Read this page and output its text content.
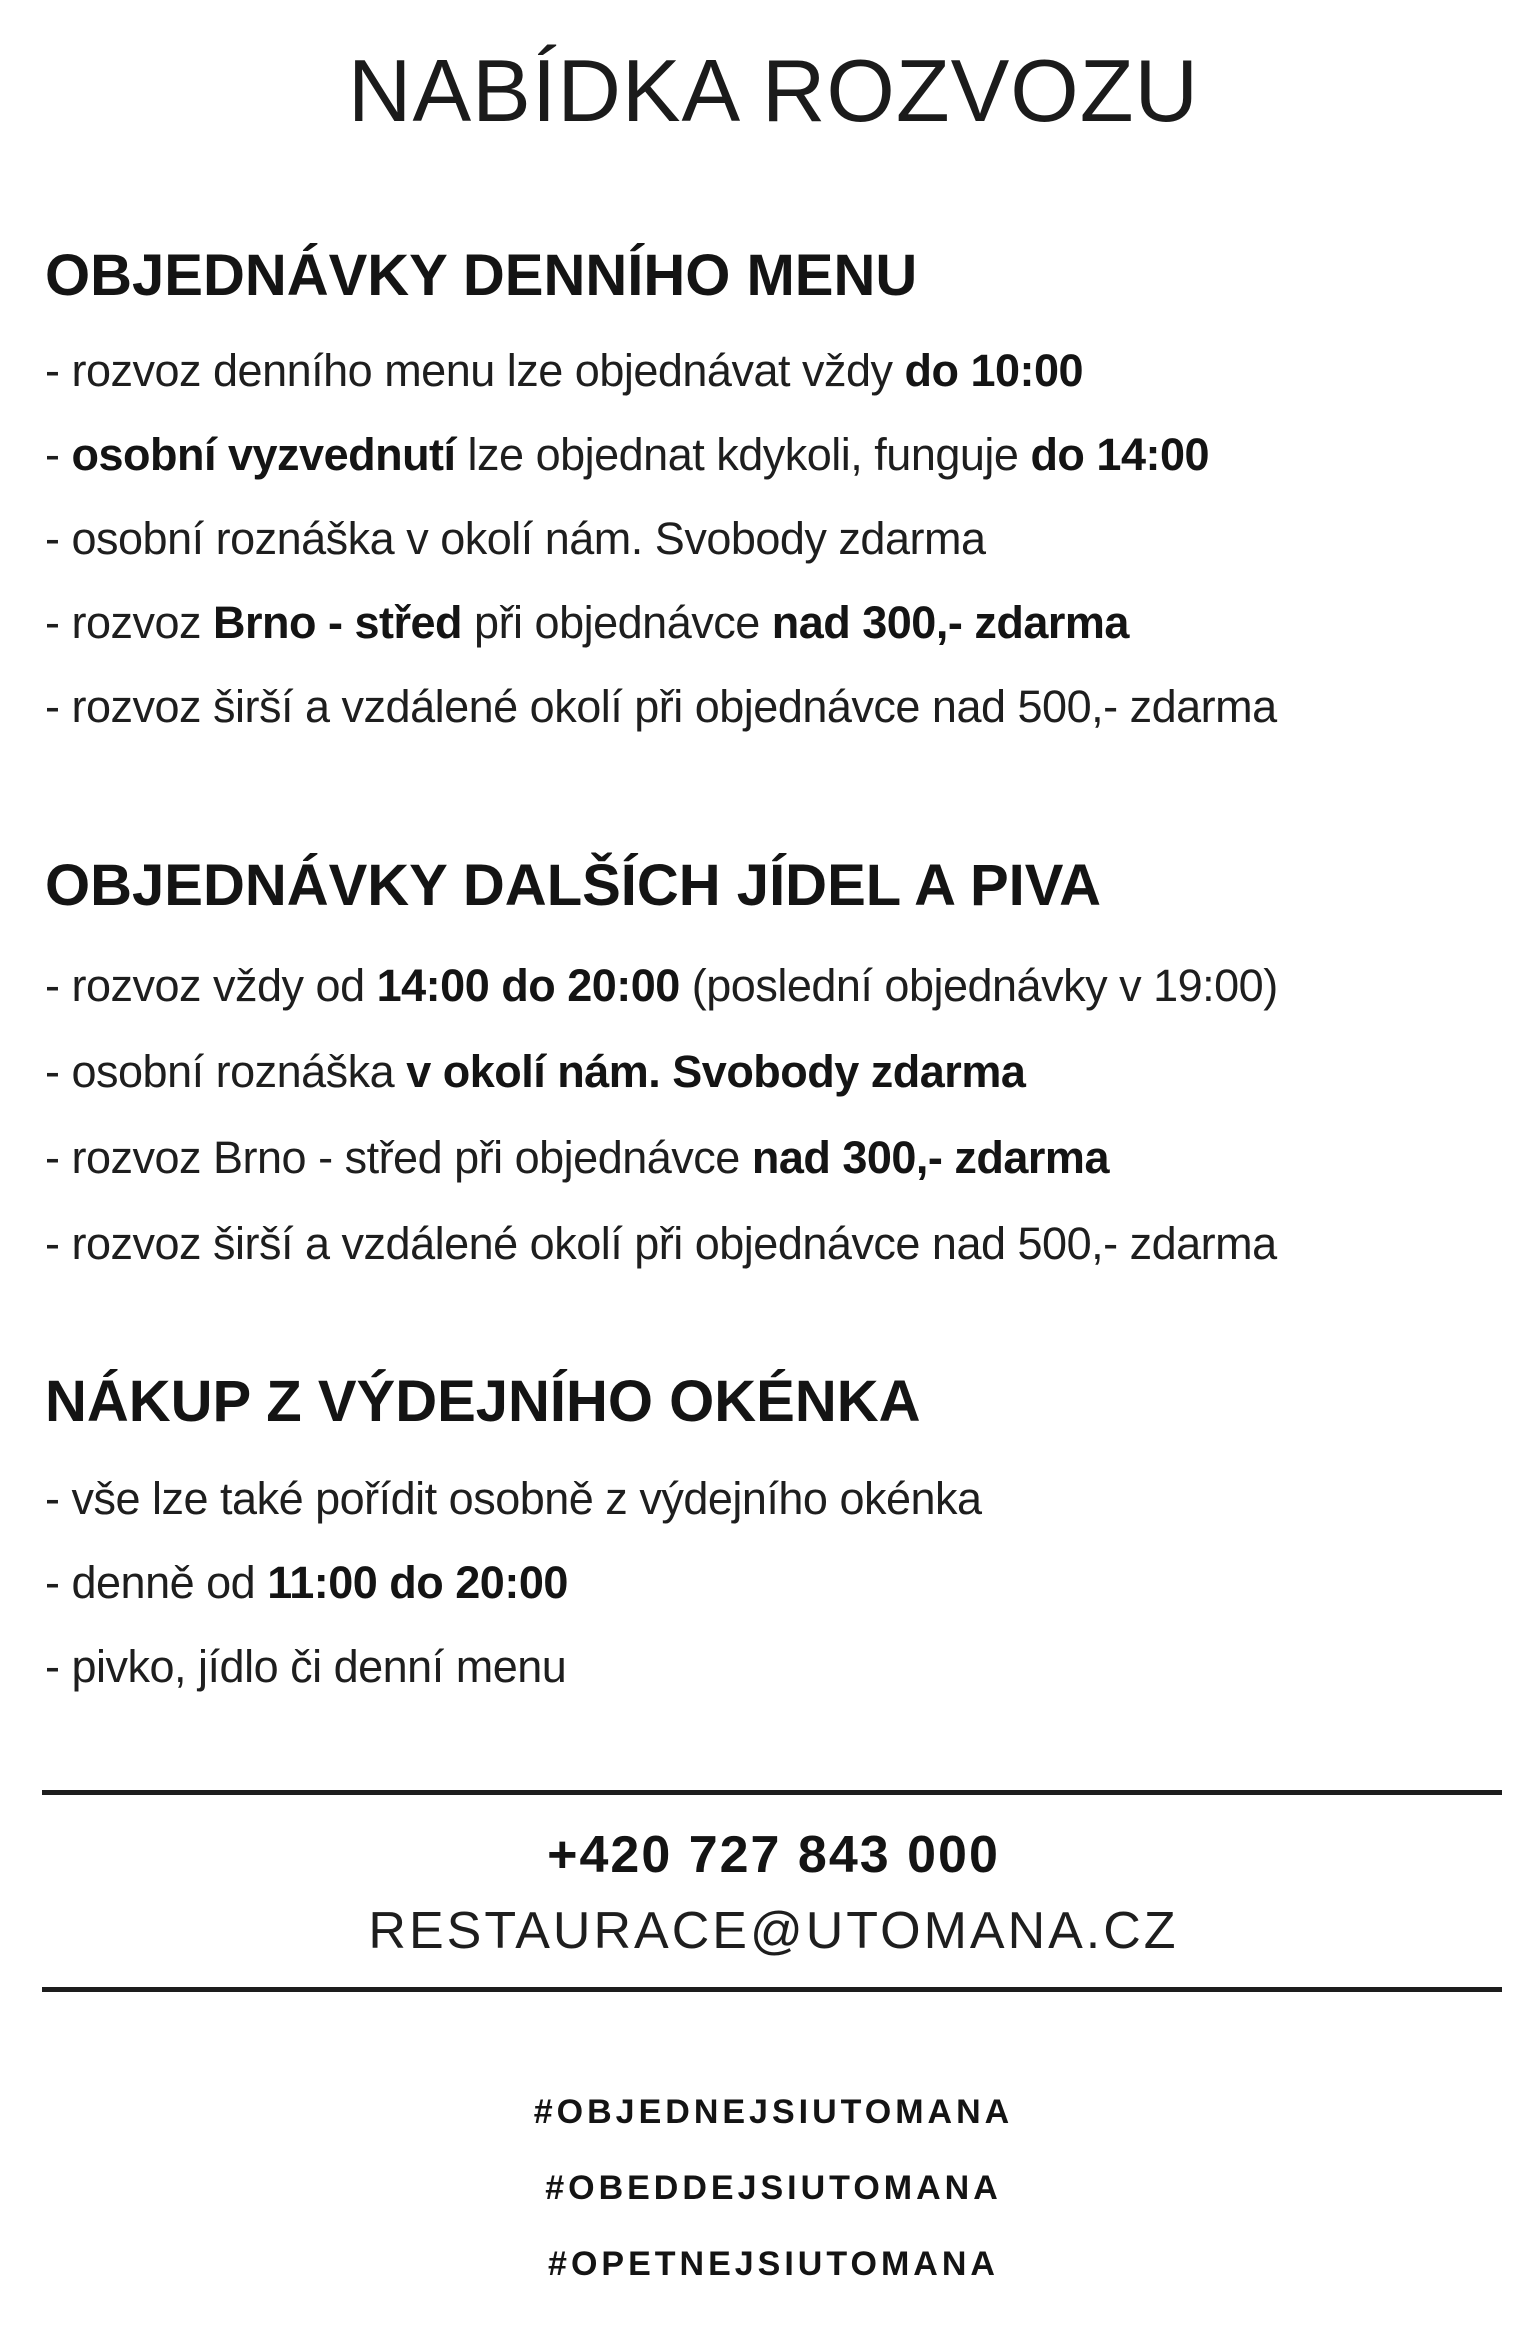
NABÍDKA ROZVOZU
OBJEDNÁVKY DENNÍHO MENU
- rozvoz denního menu lze objednávat vždy do 10:00
- osobní vyzvednutí lze objednat kdykoli, funguje do 14:00
- osobní roznáška v okolí nám. Svobody zdarma
- rozvoz Brno - střed při objednávce nad 300,- zdarma
- rozvoz širší a vzdálené okolí při objednávce nad 500,- zdarma
OBJEDNÁVKY DALŠÍCH JÍDEL A PIVA
- rozvoz vždy od 14:00 do 20:00 (poslední objednávky v 19:00)
- osobní roznáška v okolí nám. Svobody zdarma
- rozvoz Brno - střed při objednávce nad 300,- zdarma
- rozvoz širší a vzdálené okolí při objednávce nad 500,- zdarma
NÁKUP Z VÝDEJNÍHO OKÉNKA
- vše lze také pořídit osobně z výdejního okénka
- denně od 11:00 do 20:00
- pivko, jídlo či denní menu
+420 727 843 000
RESTAURACE@UTOMANA.CZ
#OBJEDNEJSIUTOMANA
#OBEDDEJSIUTOMANA
#OPETNEJSIUTOMANA
